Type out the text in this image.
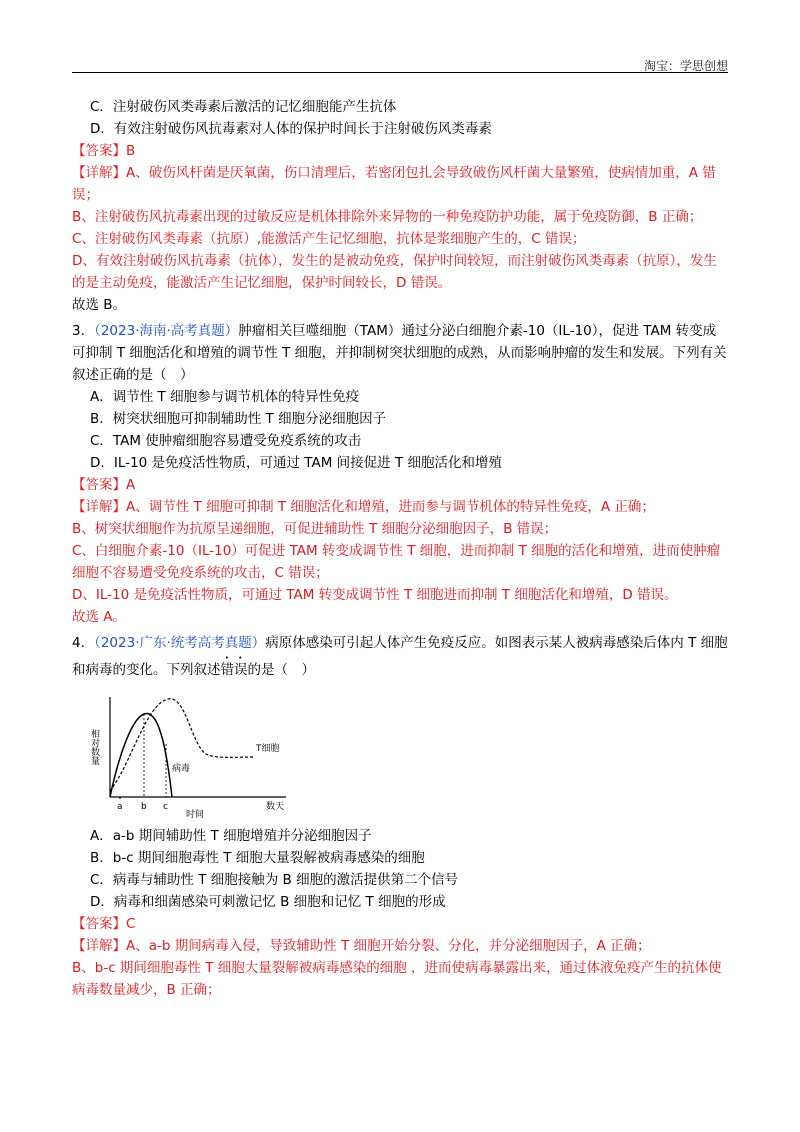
淘宝：学思创想

C．注射破伤风类毒素后激活的记忆细胞能产生抗体

D．有效注射破伤风抗毒素对人体的保护时间长于注射破伤风类毒素

【答案】B

【详解】A、破伤风杆菌是厌氧菌，伤口清理后，若密闭包扎会导致破伤风杆菌大量繁殖，使病情加重，A 错误；

B、注射破伤风抗毒素出现的过敏反应是机体排除外来异物的一种免疫防护功能，属于免疫防御，B 正确；

C、注射破伤风类毒素（抗原）,能激活产生记忆细胞，抗体是浆细胞产生的，C 错误；

D、有效注射破伤风抗毒素（抗体），发生的是被动免疫，保护时间较短，而注射破伤风类毒素（抗原），发生的是主动免疫，能激活产生记忆细胞，保护时间较长，D 错误。

故选 B。

3．（2023·海南·高考真题）肿瘤相关巨噬细胞（TAM）通过分泌白细胞介素-10（IL-10），促进 TAM 转变成可抑制 T 细胞活化和增殖的调节性 T 细胞，并抑制树突状细胞的成熟，从而影响肿瘤的发生和发展。下列有关叙述正确的是（　）

A．调节性 T 细胞参与调节机体的特异性免疫

B．树突状细胞可抑制辅助性 T 细胞分泌细胞因子

C．TAM 使肿瘤细胞容易遭受免疫系统的攻击

D．IL-10 是免疫活性物质，可通过 TAM 间接促进 T 细胞活化和增殖

【答案】A

【详解】A、调节性 T 细胞可抑制 T 细胞活化和增殖，进而参与调节机体的特异性免疫，A 正确；

B、树突状细胞作为抗原呈递细胞，可促进辅助性 T 细胞分泌细胞因子，B 错误；

C、白细胞介素-10（IL-10）可促进 TAM 转变成调节性 T 细胞，进而抑制 T 细胞的活化和增殖，进而使肿瘤细胞不容易遭受免疫系统的攻击，C 错误；

D、IL-10 是免疫活性物质，可通过 TAM 转变成调节性 T 细胞进而抑制 T 细胞活化和增殖，D 错误。

故选 A。

4．（2023·广东·统考高考真题）病原体感染可引起人体产生免疫反应。如图表示某人被病毒感染后体内 T 细胞和病毒的变化。下列叙述错误的是（　）

相对数量
a b c
T细胞
病毒
数天
时间

A．a-b 期间辅助性 T 细胞增殖并分泌细胞因子

B．b-c 期间细胞毒性 T 细胞大量裂解被病毒感染的细胞

C．病毒与辅助性 T 细胞接触为 B 细胞的激活提供第二个信号

D．病毒和细菌感染可刺激记忆 B 细胞和记忆 T 细胞的形成

【答案】C

【详解】A、a-b 期间病毒入侵，导致辅助性 T 细胞开始分裂、分化，并分泌细胞因子，A 正确；

B、b-c 期间细胞毒性 T 细胞大量裂解被病毒感染的细胞 ，进而使病毒暴露出来，通过体液免疫产生的抗体使病毒数量减少，B 正确；
